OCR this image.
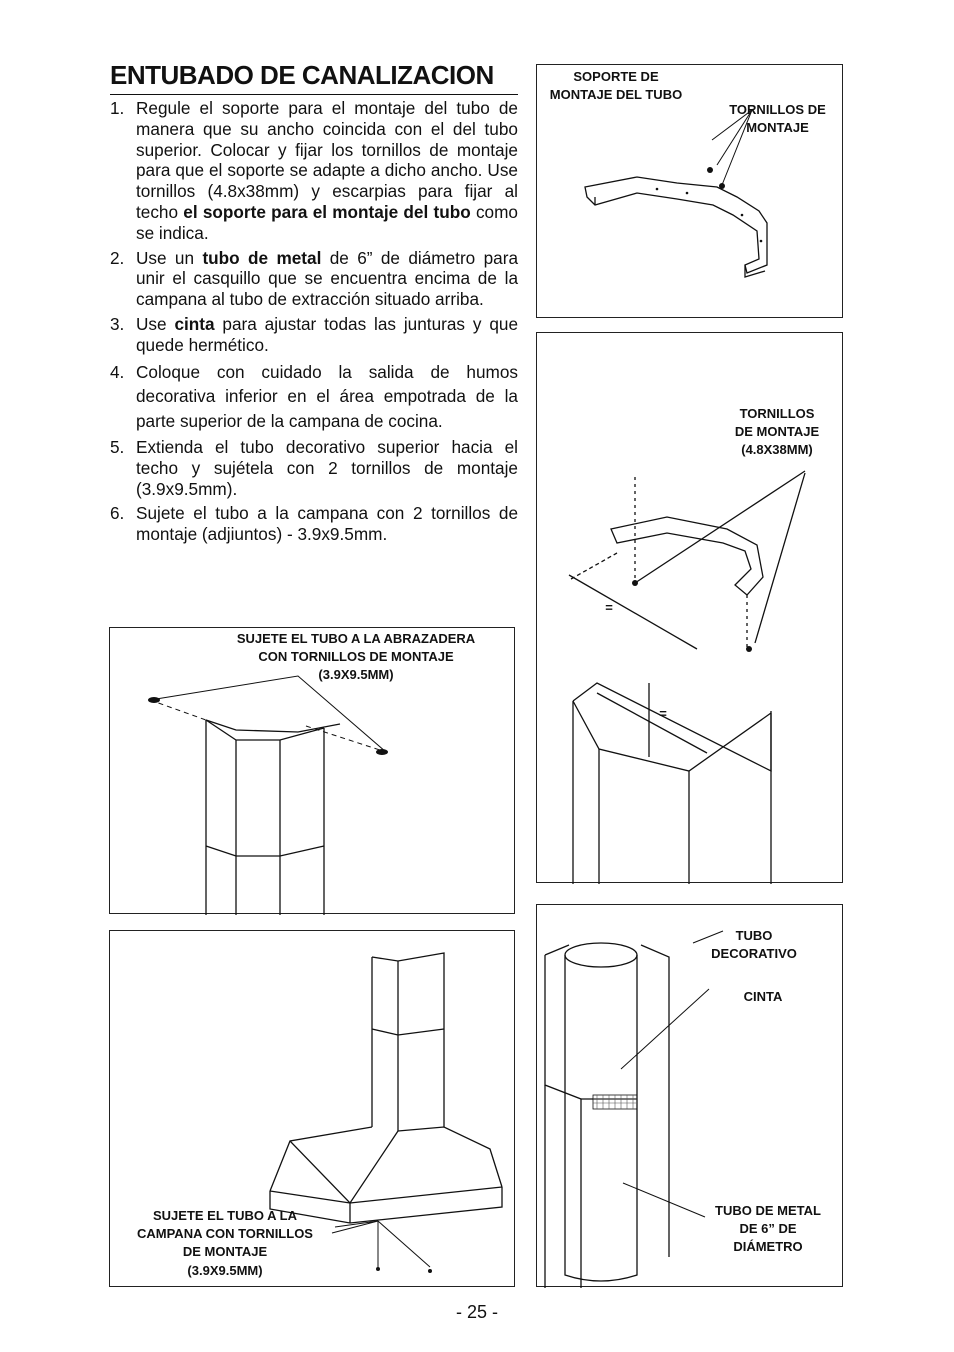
ENTUBADO DE CANALIZACION
1. Regule el soporte para el montaje del tubo de manera que su ancho coincida con el del tubo superior. Colocar y fijar los tornillos de montaje para que el soporte se adapte a dicho ancho. Use tornillos (4.8x38mm) y escarpias para fijar al techo el soporte para el montaje del tubo como se indica.
2. Use un tubo de metal de 6” de diámetro para unir el casquillo que se encuentra encima de la campana al tubo de extracción situado arriba.
3. Use cinta para ajustar todas las junturas y que quede hermético.
4. Coloque con cuidado la salida de humos decorativa inferior en el área empotrada de la parte superior de la campana de cocina.
5. Extienda el tubo decorativo superior hacia el techo y sujétela con 2 tornillos de montaje (3.9x9.5mm).
6. Sujete el tubo a la campana con 2 tornillos de montaje (adjiuntos) - 3.9x9.5mm.
SOPORTE DE
MONTAJE DEL TUBO
TORNILLOS DE
MONTAJE
TORNILLOS
DE MONTAJE
(4.8X38MM)
=
=
SUJETE EL TUBO A LA ABRAZADERA
CON TORNILLOS DE MONTAJE
(3.9X9.5MM)
SUJETE EL TUBO A LA
CAMPANA CON TORNILLOS
DE MONTAJE
(3.9X9.5MM)
TUBO
DECORATIVO
CINTA
TUBO DE METAL
DE 6” DE
DIÁMETRO
- 25 -
